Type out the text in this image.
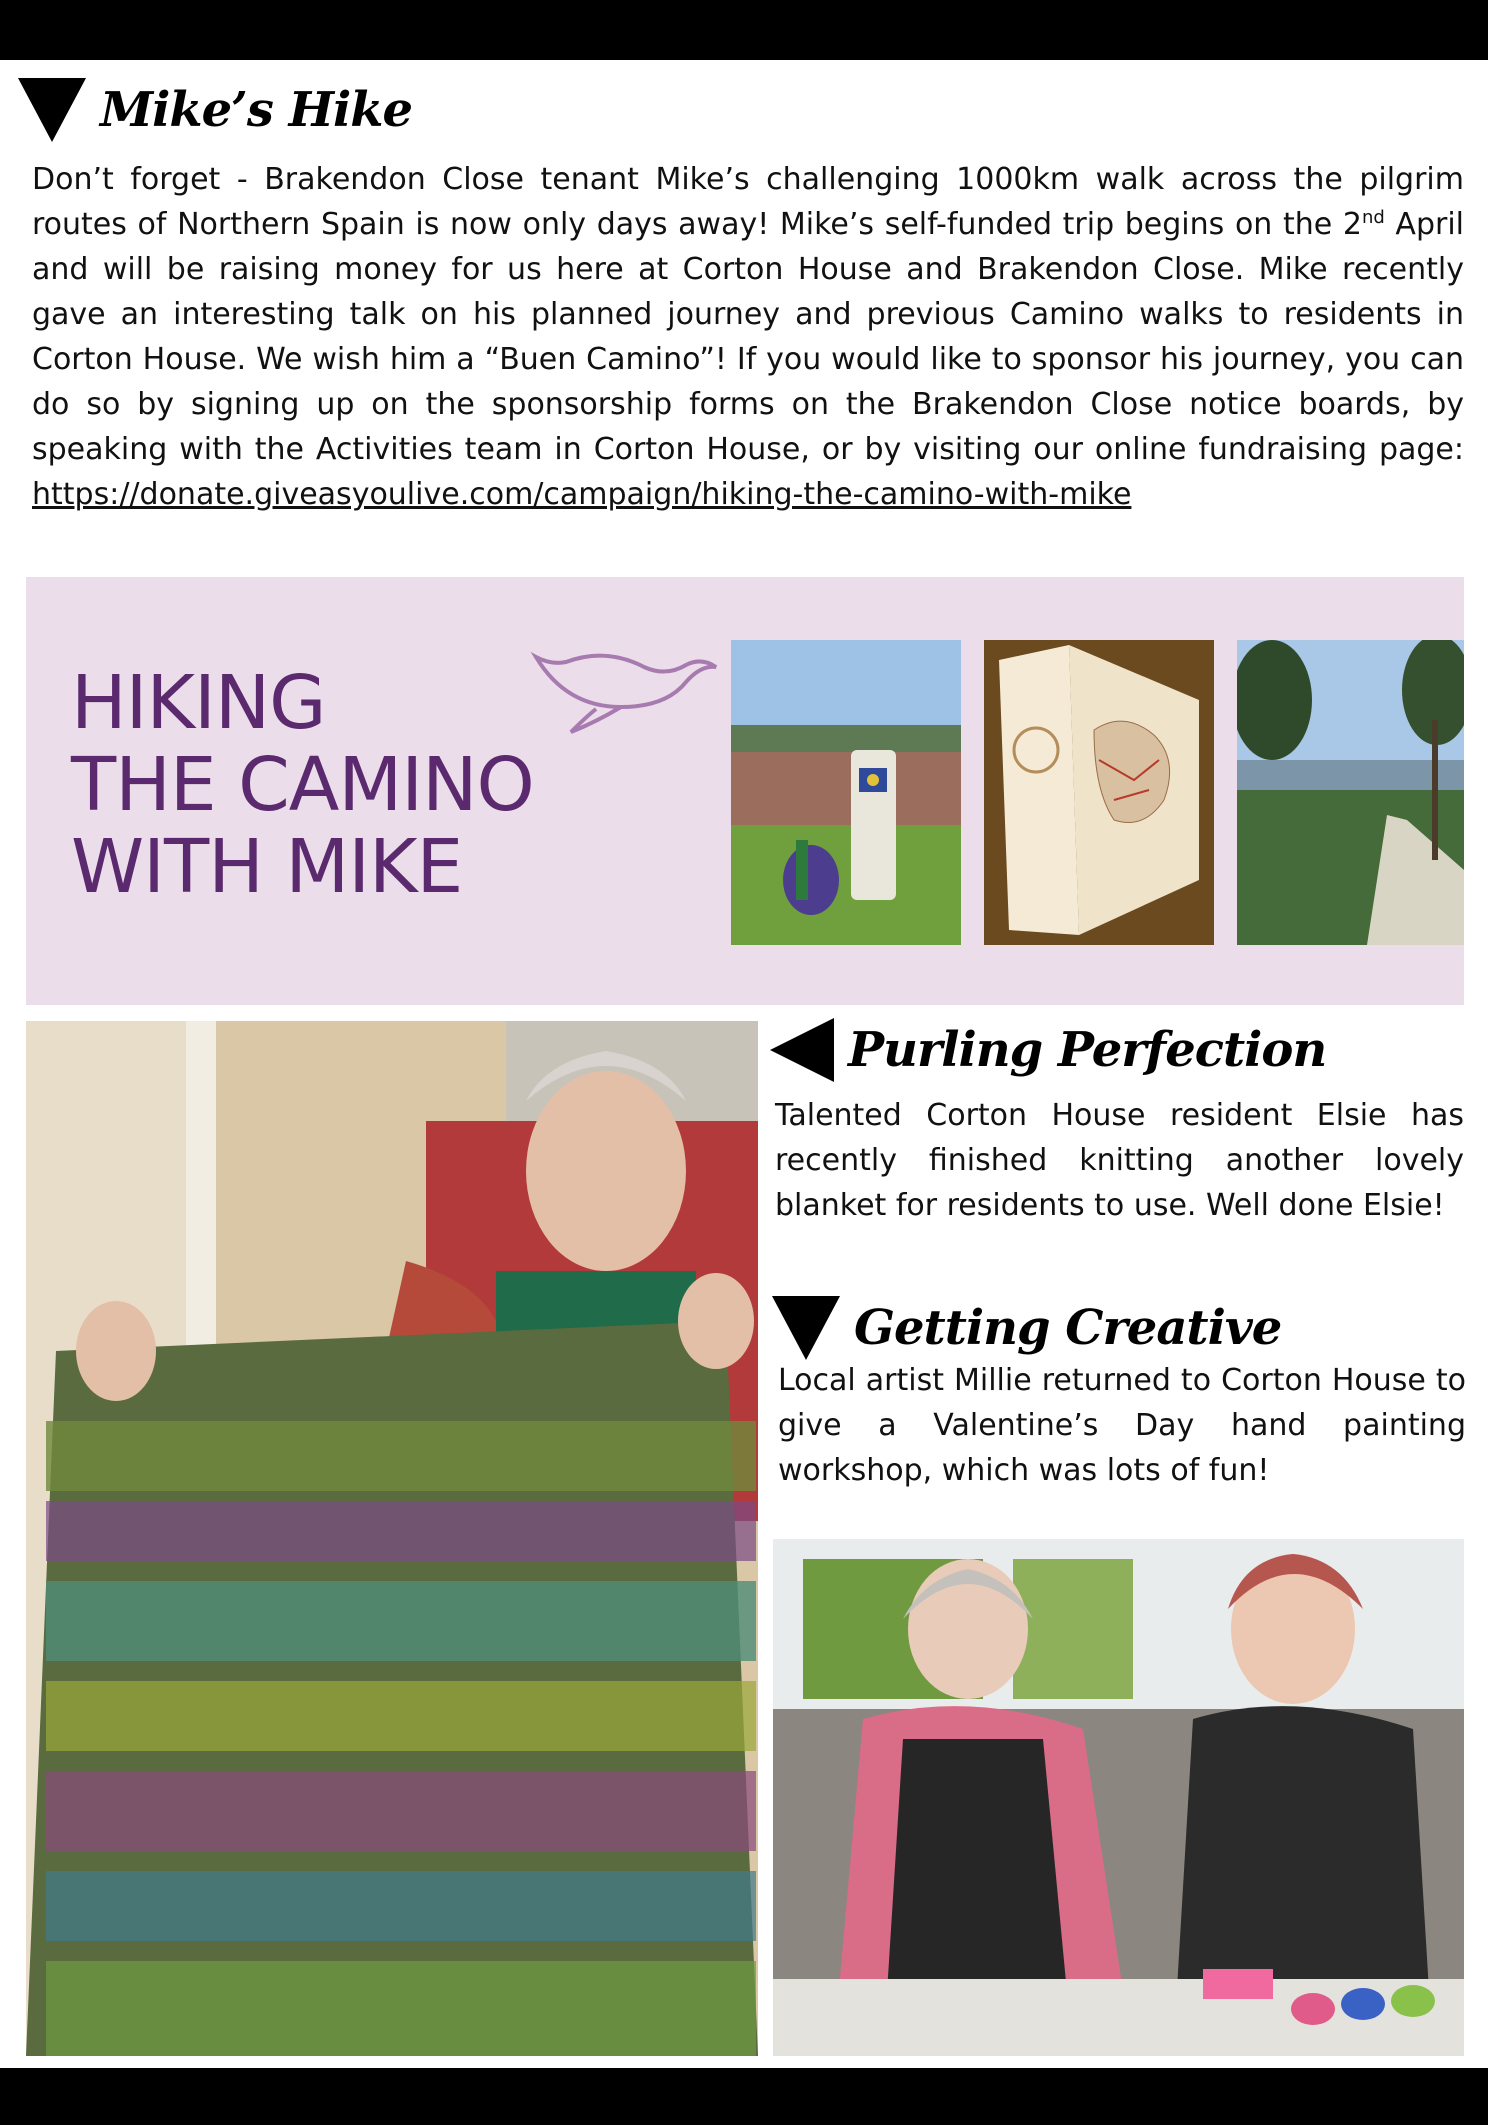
Mike’s Hike

Don’t forget - Brakendon Close tenant Mike’s challenging 1000km walk across the pilgrim routes of Northern Spain is now only days away! Mike’s self-funded trip begins on the 2nd April and will be raising money for us here at Corton House and Brakendon Close. Mike recently gave an interesting talk on his planned journey and previous Camino walks to residents in Corton House. We wish him a “Buen Camino”! If you would like to sponsor his journey, you can do so by signing up on the sponsorship forms on the Brakendon Close notice boards, by speaking with the Activities team in Corton House, or by visiting our online fundraising page: https://donate.giveasyoulive.com/campaign/hiking-the-camino-with-mike

HIKING
THE CAMINO
WITH MIKE
Purling Perfection

Talented Corton House resident Elsie has recently finished knitting another lovely blanket for residents to use. Well done Elsie!

Getting Creative

Local artist Millie returned to Corton House to give a Valentine’s Day hand painting workshop, which was lots of fun!
